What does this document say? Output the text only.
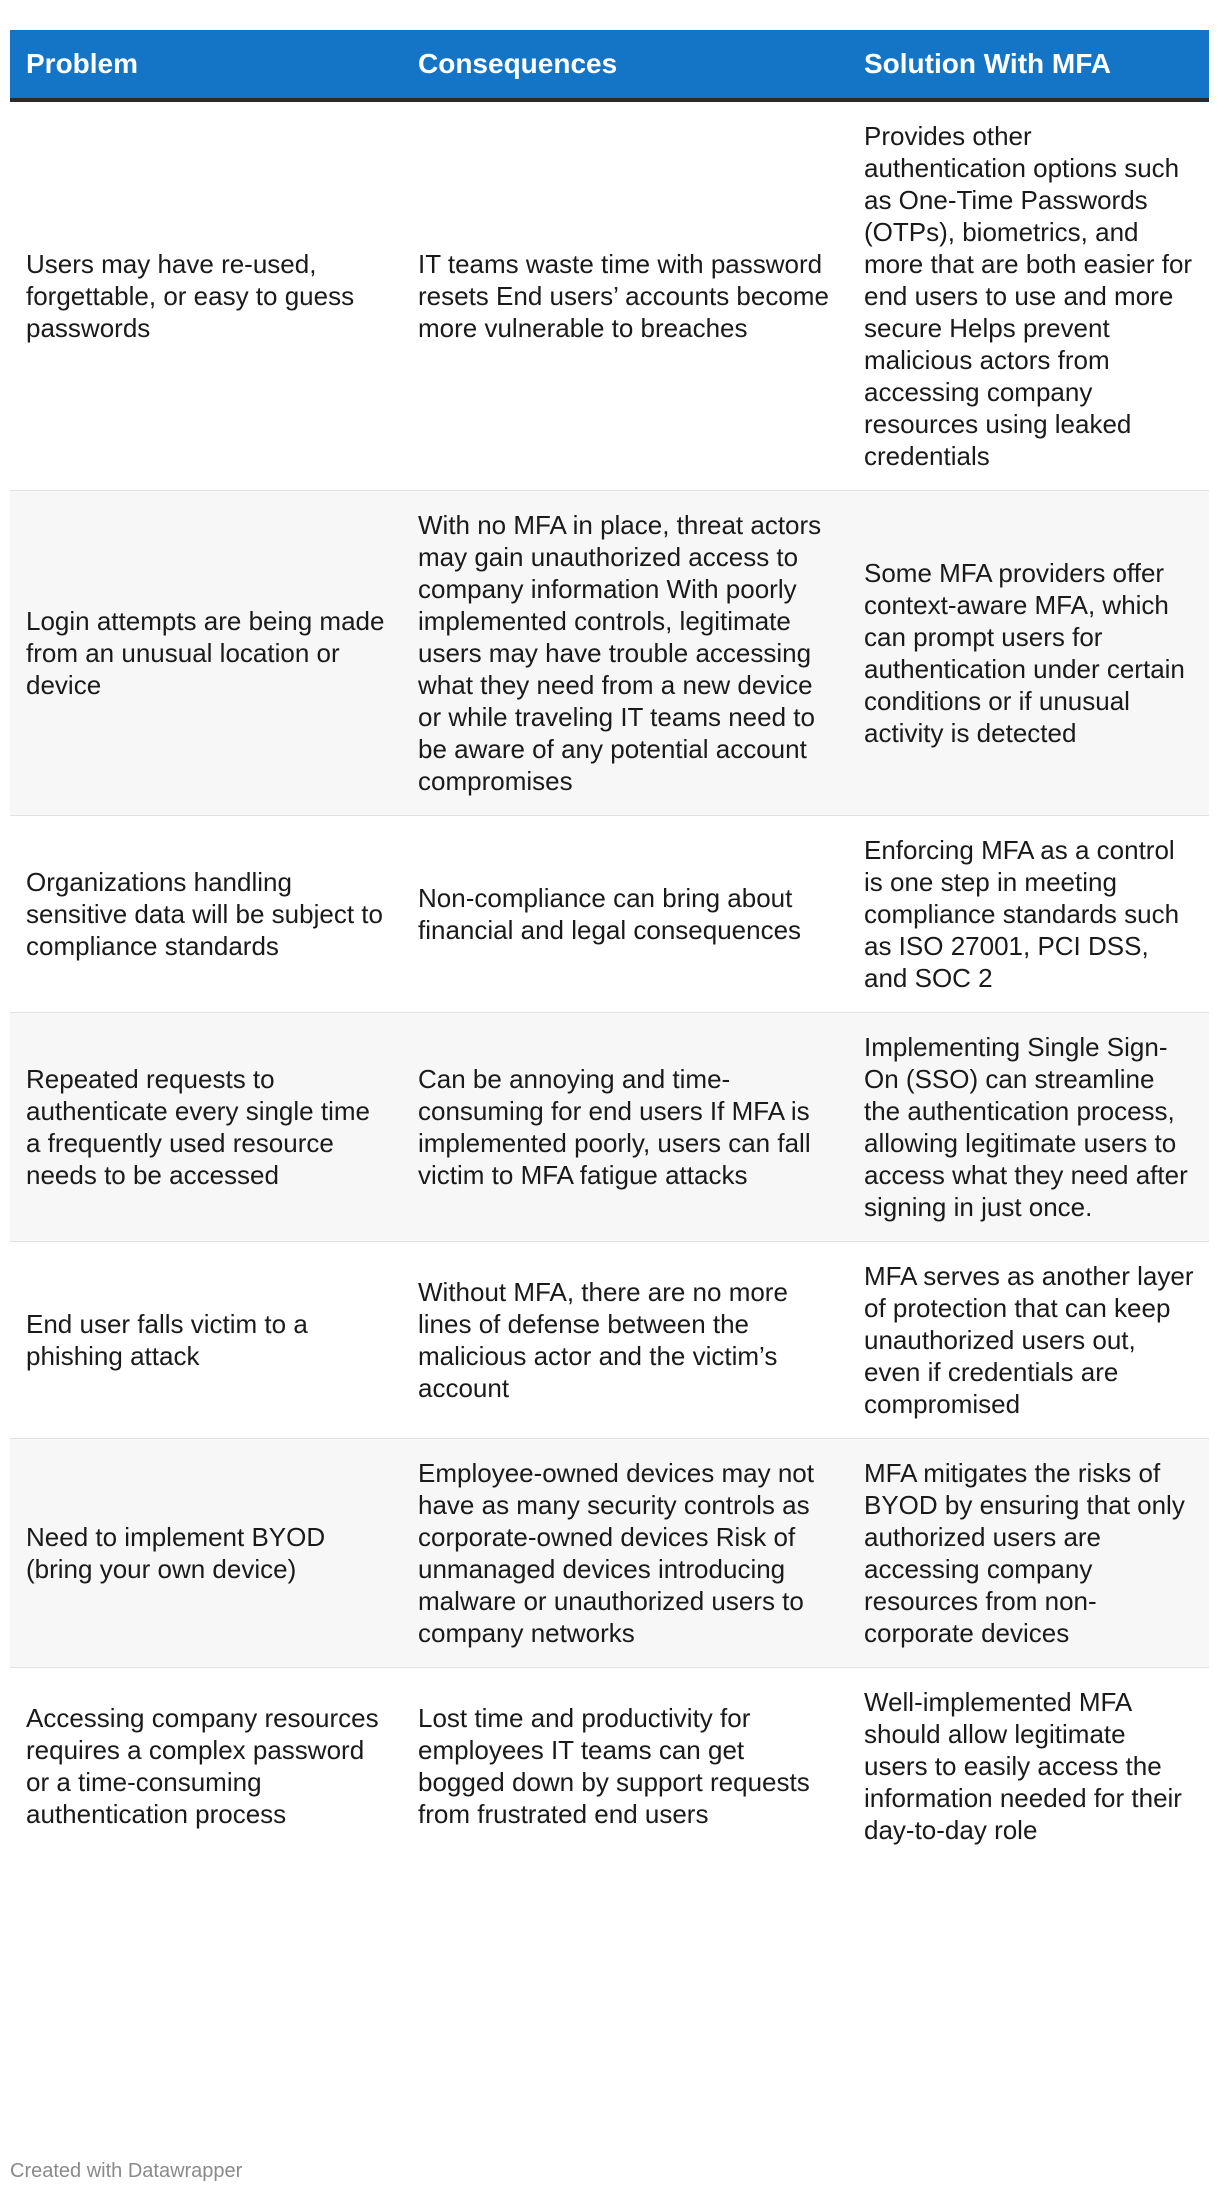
Problem	Consequences	Solution With MFA
Users may have re-used, forgettable, or easy to guess passwords	IT teams waste time with password resets End users’ accounts become more vulnerable to breaches	Provides other authentication options such as One-Time Passwords (OTPs), biometrics, and more that are both easier for end users to use and more secure Helps prevent malicious actors from accessing company resources using leaked credentials
Login attempts are being made from an unusual location or device	With no MFA in place, threat actors may gain unauthorized access to company information With poorly implemented controls, legitimate users may have trouble accessing what they need from a new device or while traveling IT teams need to be aware of any potential account compromises	Some MFA providers offer context-aware MFA, which can prompt users for authentication under certain conditions or if unusual activity is detected
Organizations handling sensitive data will be subject to compliance standards	Non-compliance can bring about financial and legal consequences	Enforcing MFA as a control is one step in meeting compliance standards such as ISO 27001, PCI DSS, and SOC 2
Repeated requests to authenticate every single time a frequently used resource needs to be accessed	Can be annoying and time-consuming for end users If MFA is implemented poorly, users can fall victim to MFA fatigue attacks	Implementing Single Sign-On (SSO) can streamline the authentication process, allowing legitimate users to access what they need after signing in just once.
End user falls victim to a phishing attack	Without MFA, there are no more lines of defense between the malicious actor and the victim’s account	MFA serves as another layer of protection that can keep unauthorized users out, even if credentials are compromised
Need to implement BYOD (bring your own device)	Employee-owned devices may not have as many security controls as corporate-owned devices Risk of unmanaged devices introducing malware or unauthorized users to company networks	MFA mitigates the risks of BYOD by ensuring that only authorized users are accessing company resources from non-corporate devices
Accessing company resources requires a complex password or a time-consuming authentication process	Lost time and productivity for employees IT teams can get bogged down by support requests from frustrated end users	Well-implemented MFA should allow legitimate users to easily access the information needed for their day-to-day role
Created with Datawrapper
